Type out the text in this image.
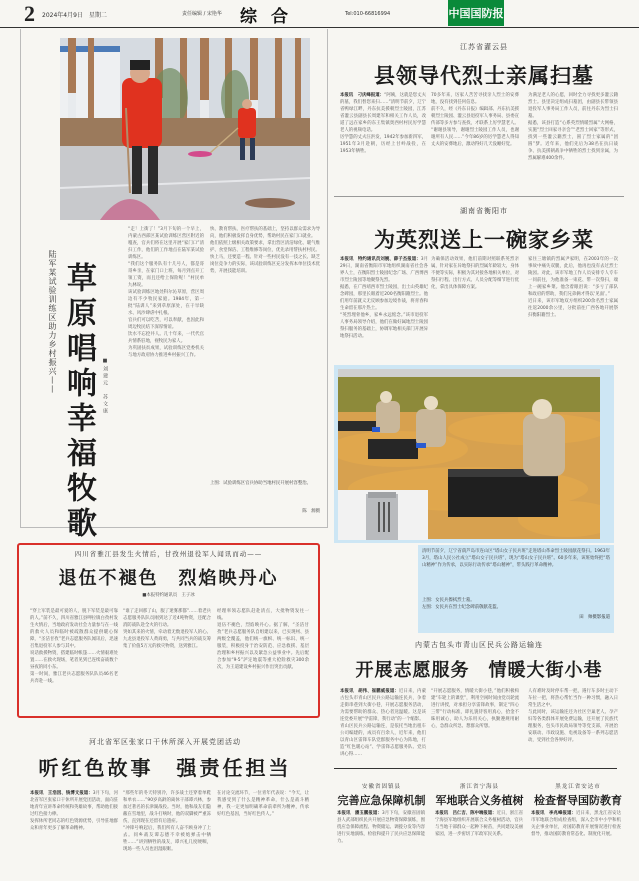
2 2024年4月9日　星期二	责任编辑 / 宋艳华 综合	Tel:010-66816994	中国国防报
陆军某试验训练区助力乡村振兴—— 草原唱响幸福牧歌 ■刘建元　苏文康

“走！上街了！”3月下旬的一个早上，内蒙古西部区某试验训练区营区附近的嘎查，官兵们将在这里开展“家门口”清扫工作，他们的工作地点在陆军某试验训练区。

“我们这个服务队有十几号人，都是哥哥乡亲，在家门口上班，每月到点开工领工资，而且还给上保险呢！”村民单九林说。

该试验训练区地处科尔沁草原，营区周边有不少牧民家庭。1984年，第一批“陆训人”来到草原深处，在干旱缺水、风沙肆虐中扎根。

官兵们可以吃苦，可以奉献，也因此和周边牧民结下深厚情谊。

饮水不忘挖井人。几十年来，一代代官兵情系驻地，视牧民为家人。

为巩固扶贫成果，试验训练区党委机关与地方政府协力推进乡村振兴工作。

快、教育帮扶、医疗帮扶的基础上，坚持以群众需求为导向，他们积极发挥自身优势，帮助村民在家门口就业。

他们依照上级相关政策要求，拿出营区清洁绿化、暖气维护、食堂保洁、工程维修等岗位，优先录用帮扶村村民。

快上马，还要造一程。针对一些村民没有一技之长、缺乏岗位竞争力的实际，该试验训练区充分发挥本单位技术优势，开展技能培训。

上图：试验训练区官兵协助当地村民开展村容整治。
陈　源摄
四川省雅江县发生火情后，甘孜州退役军人闻讯而动——
退伍不褪色　烈焰映丹心
■本报特约通讯员　王子冰

“穿上军装是最可爱的人，脱下军装是最可靠的人。”前不久，四川省雅江县呷拉镇白孜村发生火情后，当地政府发动社会力量参与在一线的救火人员和临时被疏散群众提供暖心保障，“圣洁甘孜”老兵志愿服务队闻讯后，迅速召集退役军人参与其中。

说话救援物资，搭建临时帐篷……火情艰难处置……在救火现场，笔者见到已连续奋战数个昼夜的同小东。

第一时间，雅江老兵志愿服务队队员46名老兵奔赴一线。

“谁了走回那了山，服了迷雾那都”……着老兵志愿服务队队员刚到达了近4吨物资，还配合消防战队赴全火的行动。

突如其来的火情，牵动着无数退役军人的心。九龙县退役军人黄商勇，与共同当兵的战友筹集了价值5万元的救灾物资，送到雅江。

经理率领志愿队赶赴清点，大批物资发往一线。

退伍不褪色，烈焰映丹心。据了解，“圣洁甘孜”老兵志愿服务队自组建以来，已实现州、县两级全覆盖，他们统一旗帜、统一标识、统一服装，积极投身于治安防范、应急救援、基层治理和乡村振兴以及紧急公益事业中。先后配合参加“9·5”泸定地震等重大抢险救灾300余次，为王道建设乡村振兴作出突出贡献。

河北省军区张家口干休所深入开展党团活动
听红色故事　强责任担当

本报讯　王浩因、钱博文报道：3月下旬，河北省军区张家口干休所开展党团活动，面向驻地青年宣讲革命传统和英雄故事，帮助他们接过红色接力棒。

发挥休所老同志的红色资源优势，引导驻地群众和青年更多了解革命精神。

“那些年的冬天特别冷，许多战士还穿着单鞋和单衣……”90岁高龄的离休干部谭兴林，参加过著名的长津湖战役。当时，他和战友们隐蔽在雪地里，战斗打响时，他的双脚被严重冻伤，直到现在还留有后遗症。

“冲锋号响起后，我们所有人奋不顾身冲了上去。同乡战友谭志德不幸被炮弹击中牺牲……”讲到牺牲的战友，谭兴礼几度哽咽，现场一些人员也泪湿眼眶。

在讨论交流环节，一位青年代表说：“今天，让我感受到了什么是精神革命，什么是战斗精神，我一定更加明确革命前辈所为精神，传承好红色基因，当好红色传人。”

江苏省灌云县
县领导代烈士亲属扫墓

本报讯　刁庆峰报道：“阿姨，这就是您丈夫的墓，我们替您来扫……”清明节前夕，辽宁省鸭绿江畔，丹东抗美援朝烈士陵园，江苏省灌云县副县长周建军和相关工作人员，改道了远在家乡的东王集镇奥西村村民厉学慧老人的视频电话。

厉学慧的丈夫汪洪发，1942年参加新四军，1951年3月赴朝，历经上甘岭战役，在1953年牺牲。

70多年来，厉家人苦苦寻找亲人烈士的安葬地，没有找到任何信息。

前不久，经《丹东日报》编辑部、丹东抗美援朝烈士陵园、灌云县退役军人事务局、县委宣传部等多方参与查找，才联系上厉学慧老人。

“谢谢县领导，谢谢烈士陵园工作人员，也谢谢所有人民……”今年86岁的厉学慧老人得知丈夫的安葬地后，激动得好几天没睡好觉。

为满足老人的心愿，回时全力寻找更多灌云籍烈士。县里决定组成扫墓团，由副县长带领县退役军人事务局工作人员，前往丹东为烈士扫墓。

据悉，该县打造“心系英烈情暖烈属”大网格，实施“烈士回家寻亲会”“老烈士回家”等形式，找到一些灌云籍烈士，圆了烈士家属的“团圆”梦。近年来，他们先后为38名在抗日战争、抗美援朝战争中牺牲的烈士找到亲属，为烈属解难400余件。

湖南省衡阳市
为英烈送上一碗家乡菜

本报讯　特约通讯员刘婉、薛子杰报道：3月29日，湖南省衡阳市军地组织湖南省社会各界人士，在衡阳烈士陵园纪念广场、广西博西市烈士陵园等地聚祭先烈。

据悉，在广西靖西市烈士陵园，出土山英雄纪念碑园，那里长眠着近200名衡阳籍烈士。他们用年前就义无反顾参加边境作战，将青春和生命留在那片热土。

“英烈埋骨他乡，家乡永远惦念。”该市退役军人事务局领导介绍，他们在做好属地烈士陵园祭扫服务的基础上，协调军地相关部门开展异地祭扫活动。

为确保活动效果，他们前期对照联系英烈亲属，针对家在异地祭扫的烈属年龄较大、身体不便等实际，积极为其对接各地相关单位，对祭扫行程、出行方式、人员分配等细节进行优化，拿出具体保障方案。

家住三塘镇的烈属尹家明，在2003年的一次事故中痛失双腿，此后，他再也没有去过烈士陵园。对此，该市军地工作人员安排专人专车一同前往，为他准备一束花、带一次祭扫，端上一碗家乡菜。他含着眼泪说：“多亏了部队和政府的帮助，我们兄弟俩才得以‘见面’。”

近日来，该市军地双方组织200余名烈士家属往返2000余公里，分批前往广西各地开展祭扫衡阳籍烈士。

清明节前夕，辽宁省葫芦岛市连山区“塔山女子民兵班”走进塔山革命烈士陵园献花祭扫。1963年3月，塔山人民公社成立“塔山女子民兵班”，现为“塔山女子民兵班”。60多年来，该班始终把“塔山精神”作为传承，以实际行动传承“塔山精神”，带头践行革命精神。
上图：女民兵擦拭烈士墓。
左图：女民兵在烈士纪念碑前敬献花篮。
田　帅摄影报道
内蒙古包头市青山区民兵公路运输连
开展志愿服务　情暖大街小巷

本报讯　胡伟、崔鹏威报道：近日来，内蒙古包头市青山区民兵公路运输连民兵，争着走街串巷到大街小巷，开展志愿服务活动，为需要帮助的群众、热心者送温暖。这是该连党委开展“学雷锋，我行动”的一个缩影。

青山区民兵公路运输连，是依托当地出租车公司编建的，成员有百余人，近年来，他们以青山区雷锋车队党群服务中心为阵地，打造“红色暖心站”、学雷锋志愿服务队、党员讲心得……

“开展志愿服务，情暖大街小巷，”他们积极构建“车轮上的课堂”，利用空闲时间由党员轮流进行讲授，对承担分享雷锋故事，制定“四心三带”行动标准，即礼貌待客用真心，拾金不昧用诚心，助人为乐用关心，执勤遵规用耐心，急群众所急、想群众所想。

人有难时及时停车帮一把，遇行车多时主动下车拉一把，将热心帮忙当作一种习惯，融入日常生活之中。

与此同时，该运输连还为社区空巢老人、孕产妇等各类群体开展免费运输，还开展了民族代理服务，包头市民政局领导等党支部，开展治安联动、市政设施、电视设备等一系列志愿活动，受到社会各界好评。

安徽省固镇县
完善应急保障机制

本报讯　潘玉鹏报道：3月下旬，安徽省固镇县人武部组织民兵开展应急物资保障演练，围绕应急保障流程、物资储运、调拨分发等内容进行实地演练，检验和提升了民兵应急保障能力。

浙江省宁海县
军地联合义务植树

本报讯　吕仁吉、陈中端报道：近日，浙江省宁海县军地组织开展联合义务植树活动，官兵与当地干部群众一起种下树苗，共同建设美丽家园，进一步密切了军政军民关系。

黑龙江省安达市
检查督导国防教育

本报讯　李兆峰报道：近日来，黑龙江省安达市军地联合组成检查组，深入全市中小学和机关企事业单位，对国防教育开展情况进行检查督导，推动国防教育常态化、制度化开展。
